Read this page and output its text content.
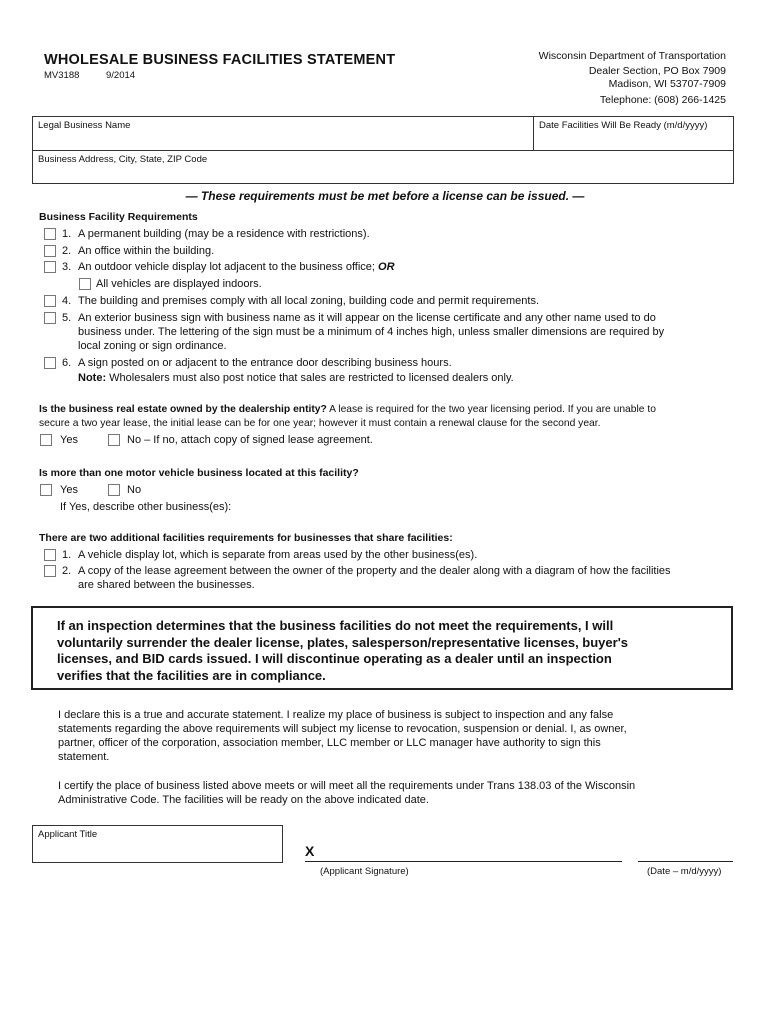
WHOLESALE BUSINESS FACILITIES STATEMENT
MV3188	9/2014
Wisconsin Department of Transportation
Dealer Section, PO Box 7909
Madison, WI 53707-7909
Telephone: (608) 266-1425
Legal Business Name	Date Facilities Will Be Ready (m/d/yyyy)
Business Address, City, State, ZIP Code
— These requirements must be met before a license can be issued. —
Business Facility Requirements
1. A permanent building (may be a residence with restrictions).
2. An office within the building.
3. An outdoor vehicle display lot adjacent to the business office; OR
All vehicles are displayed indoors.
4. The building and premises comply with all local zoning, building code and permit requirements.
5. An exterior business sign with business name as it will appear on the license certificate and any other name used to do
business under. The lettering of the sign must be a minimum of 4 inches high, unless smaller dimensions are required by
local zoning or sign ordinance.
6. A sign posted on or adjacent to the entrance door describing business hours.
Note: Wholesalers must also post notice that sales are restricted to licensed dealers only.
Is the business real estate owned by the dealership entity? A lease is required for the two year licensing period. If you are unable to
secure a two year lease, the initial lease can be for one year; however it must contain a renewal clause for the second year.
Yes	No – If no, attach copy of signed lease agreement.
Is more than one motor vehicle business located at this facility?
Yes	No
If Yes, describe other business(es):
There are two additional facilities requirements for businesses that share facilities:
1. A vehicle display lot, which is separate from areas used by the other business(es).
2. A copy of the lease agreement between the owner of the property and the dealer along with a diagram of how the facilities
are shared between the businesses.
If an inspection determines that the business facilities do not meet the requirements, I will
voluntarily surrender the dealer license, plates, salesperson/representative licenses, buyer's
licenses, and BID cards issued. I will discontinue operating as a dealer until an inspection
verifies that the facilities are in compliance.
I declare this is a true and accurate statement. I realize my place of business is subject to inspection and any false
statements regarding the above requirements will subject my license to revocation, suspension or denial. I, as owner,
partner, officer of the corporation, association member, LLC member or LLC manager have authority to sign this
statement.
I certify the place of business listed above meets or will meet all the requirements under Trans 138.03 of the Wisconsin
Administrative Code. The facilities will be ready on the above indicated date.
Applicant Title
X
(Applicant Signature)	(Date – m/d/yyyy)
